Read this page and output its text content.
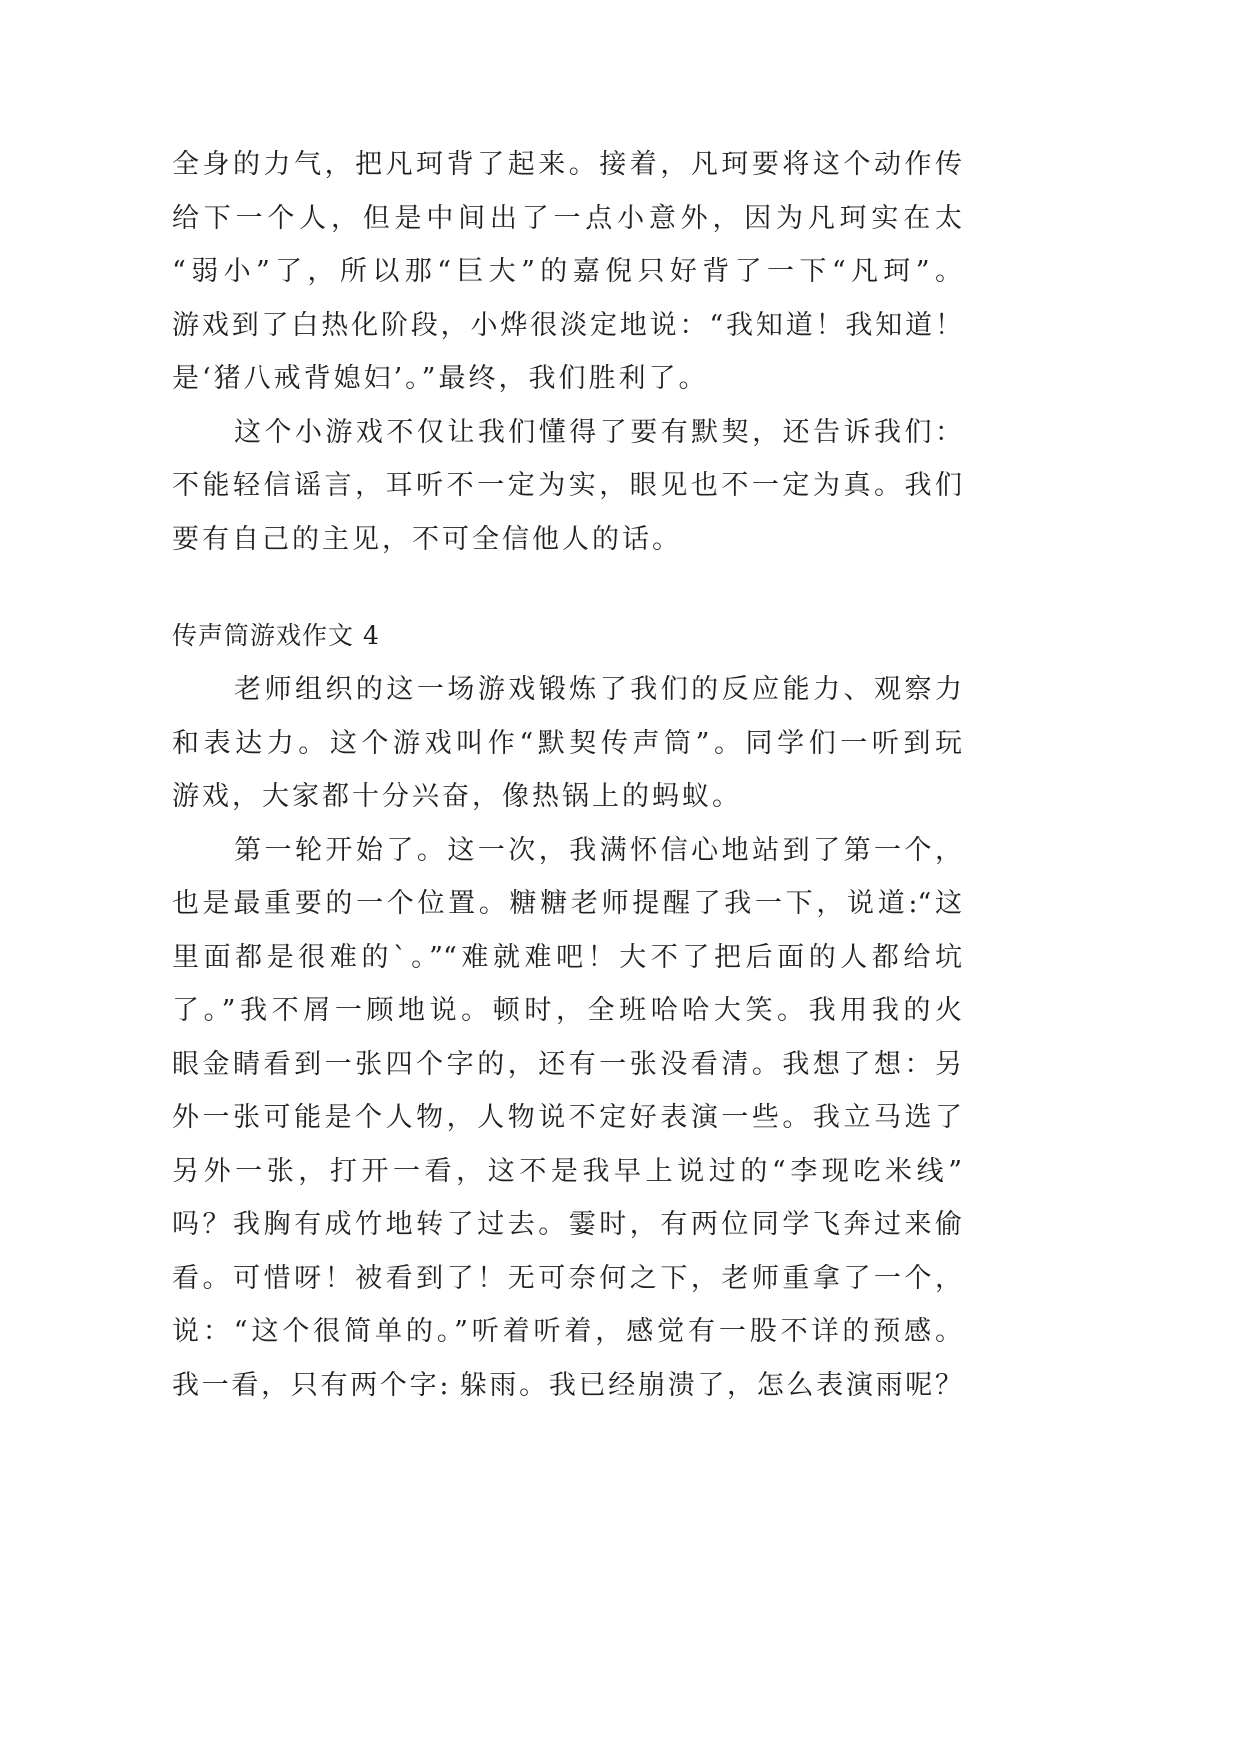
全身的力气，把凡珂背了起来。接着，凡珂要将这个动作传
给下一个人，但是中间出了一点小意外，因为凡珂实在太
“弱小”了，所以那“巨大”的嘉倪只好背了一下“凡珂”。
游戏到了白热化阶段，小烨很淡定地说：“我知道！我知道！
是‘猪八戒背媳妇’。”最终，我们胜利了。
这个小游戏不仅让我们懂得了要有默契，还告诉我们：
不能轻信谣言，耳听不一定为实，眼见也不一定为真。我们
要有自己的主见，不可全信他人的话。
传声筒游戏作文 4
老师组织的这一场游戏锻炼了我们的反应能力、观察力
和表达力。这个游戏叫作“默契传声筒”。同学们一听到玩
游戏，大家都十分兴奋，像热锅上的蚂蚁。
第一轮开始了。这一次，我满怀信心地站到了第一个，
也是最重要的一个位置。糖糖老师提醒了我一下，说道:“这
里面都是很难的`。”“难就难吧！大不了把后面的人都给坑
了。”我不屑一顾地说。顿时，全班哈哈大笑。我用我的火
眼金睛看到一张四个字的，还有一张没看清。我想了想：另
外一张可能是个人物，人物说不定好表演一些。我立马选了
另外一张，打开一看，这不是我早上说过的“李现吃米线”
吗？我胸有成竹地转了过去。霎时，有两位同学飞奔过来偷
看。可惜呀！被看到了！无可奈何之下，老师重拿了一个，
说：“这个很简单的。”听着听着，感觉有一股不详的预感。
我一看，只有两个字: 躲雨。我已经崩溃了，怎么表演雨呢？
